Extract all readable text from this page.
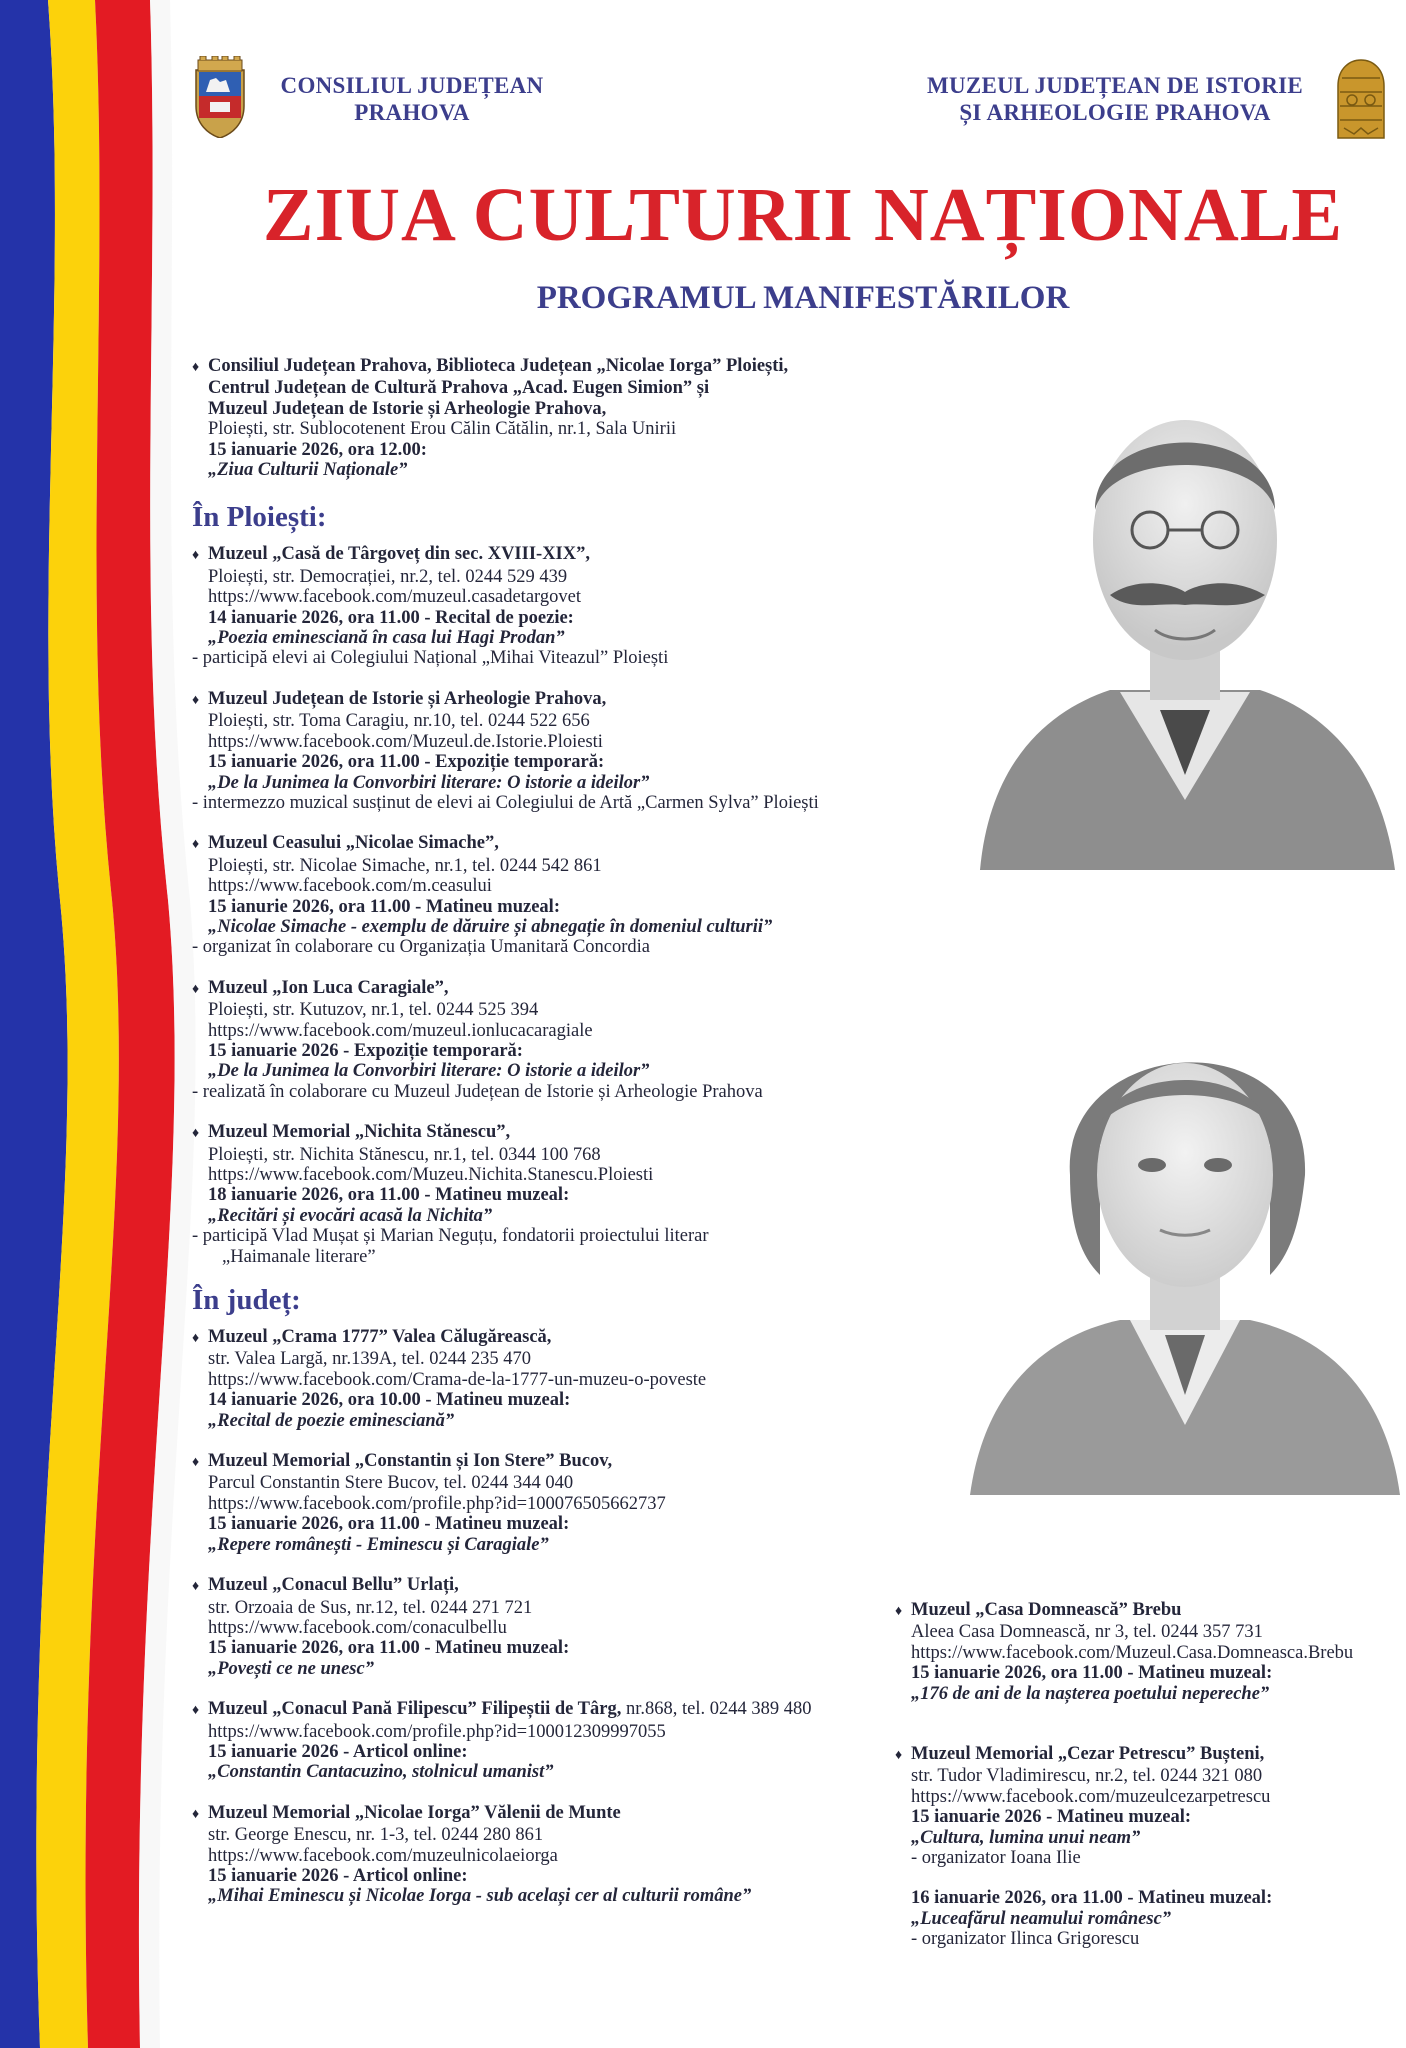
CONSILIUL JUDEȚEAN
PRAHOVA
MUZEUL JUDEȚEAN DE ISTORIE
ȘI ARHEOLOGIE PRAHOVA
ZIUA CULTURII NAȚIONALE
PROGRAMUL MANIFESTĂRILOR
♦ Consiliul Județean Prahova, Biblioteca Județean „Nicolae Iorga” Ploiești,
Centrul Județean de Cultură Prahova „Acad. Eugen Simion” și
Muzeul Județean de Istorie și Arheologie Prahova,
Ploiești, str. Sublocotenent Erou Călin Cătălin, nr.1, Sala Unirii
15 ianuarie 2026, ora 12.00:
„Ziua Culturii Naționale”
În Ploiești:
♦ Muzeul „Casă de Târgoveț din sec. XVIII-XIX”,
Ploiești, str. Democrației, nr.2, tel. 0244 529 439
https://www.facebook.com/muzeul.casadetargovet
14 ianuarie 2026, ora 11.00 - Recital de poezie:
„Poezia eminesciană în casa lui Hagi Prodan”
- participă elevi ai Colegiului Național „Mihai Viteazul” Ploiești
♦ Muzeul Județean de Istorie și Arheologie Prahova,
Ploiești, str. Toma Caragiu, nr.10, tel. 0244 522 656
https://www.facebook.com/Muzeul.de.Istorie.Ploiesti
15 ianuarie 2026, ora 11.00 - Expoziție temporară:
„De la Junimea la Convorbiri literare: O istorie a ideilor”
- intermezzo muzical susținut de elevi ai Colegiului de Artă „Carmen Sylva” Ploiești
♦ Muzeul Ceasului „Nicolae Simache”,
Ploiești, str. Nicolae Simache, nr.1, tel. 0244 542 861
https://www.facebook.com/m.ceasului
15 ianurie 2026, ora 11.00 - Matineu muzeal:
„Nicolae Simache - exemplu de dăruire și abnegație în domeniul culturii”
- organizat în colaborare cu Organizația Umanitară Concordia
♦ Muzeul „Ion Luca Caragiale”,
Ploiești, str. Kutuzov, nr.1, tel. 0244 525 394
https://www.facebook.com/muzeul.ionlucacaragiale
15 ianuarie 2026 - Expoziție temporară:
„De la Junimea la Convorbiri literare: O istorie a ideilor”
- realizată în colaborare cu Muzeul Județean de Istorie și Arheologie Prahova
♦ Muzeul Memorial „Nichita Stănescu”,
Ploiești, str. Nichita Stănescu, nr.1, tel. 0344 100 768
https://www.facebook.com/Muzeu.Nichita.Stanescu.Ploiesti
18 ianuarie 2026, ora 11.00 - Matineu muzeal:
„Recitări și evocări acasă la Nichita”
- participă Vlad Mușat și Marian Neguțu, fondatorii proiectului literar
„Haimanale literare”
În județ:
♦ Muzeul „Crama 1777” Valea Călugărească,
str. Valea Largă, nr.139A, tel. 0244 235 470
https://www.facebook.com/Crama-de-la-1777-un-muzeu-o-poveste
14 ianuarie 2026, ora 10.00 - Matineu muzeal:
„Recital de poezie eminesciană”
♦ Muzeul Memorial „Constantin și Ion Stere” Bucov,
Parcul Constantin Stere Bucov, tel. 0244 344 040
https://www.facebook.com/profile.php?id=100076505662737
15 ianuarie 2026, ora 11.00 - Matineu muzeal:
„Repere românești - Eminescu și Caragiale”
♦ Muzeul „Conacul Bellu” Urlați,
str. Orzoaia de Sus, nr.12, tel. 0244 271 721
https://www.facebook.com/conaculbellu
15 ianuarie 2026, ora 11.00 - Matineu muzeal:
„Povești ce ne unesc”
♦ Muzeul „Conacul Pană Filipescu” Filipeștii de Târg, nr.868, tel. 0244 389 480
https://www.facebook.com/profile.php?id=100012309997055
15 ianuarie 2026 - Articol online:
„Constantin Cantacuzino, stolnicul umanist”
♦ Muzeul Memorial „Nicolae Iorga” Vălenii de Munte
str. George Enescu, nr. 1-3, tel. 0244 280 861
https://www.facebook.com/muzeulnicolaeiorga
15 ianuarie 2026 - Articol online:
„Mihai Eminescu și Nicolae Iorga - sub același cer al culturii române”
♦ Muzeul „Casa Domnească” Brebu
Aleea Casa Domnească, nr 3, tel. 0244 357 731
https://www.facebook.com/Muzeul.Casa.Domneasca.Brebu
15 ianuarie 2026, ora 11.00 - Matineu muzeal:
„176 de ani de la nașterea poetului nepereche”
♦ Muzeul Memorial „Cezar Petrescu” Bușteni,
str. Tudor Vladimirescu, nr.2, tel. 0244 321 080
https://www.facebook.com/muzeulcezarpetrescu
15 ianuarie 2026 - Matineu muzeal:
„Cultura, lumina unui neam”
- organizator Ioana Ilie
16 ianuarie 2026, ora 11.00 - Matineu muzeal:
„Luceafărul neamului românesc”
- organizator Ilinca Grigorescu
